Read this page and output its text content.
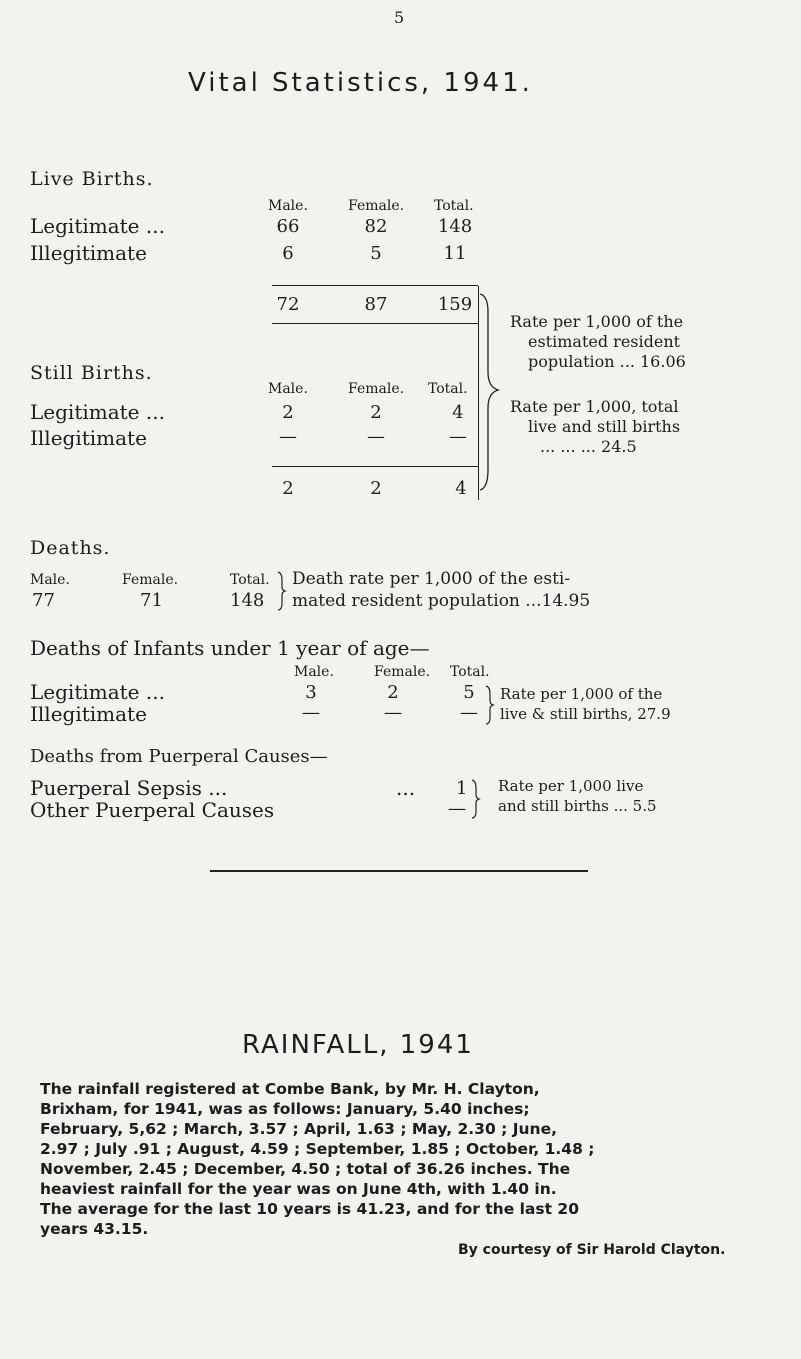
5
Vital Statistics, 1941.
Live Births.
Male.	Female. Total.
Legitimate ...	66	82	148
Illegitimate	6	5	11
72	87	159
Rate per 1,000 of the
estimated resident
population ... 16.06
Rate per 1,000, total
live and still births
... ... ... 24.5
Still Births.
Male.	Female. Total.
Legitimate ...	2	2	4
Illegitimate	—	—	—
2	2	4
Deaths.
Male.	Female.	Total.
77	71	148
Death rate per 1,000 of the esti-
mated resident population ...14.95
Deaths of Infants under 1 year of age—
Male.	Female. Total.
Legitimate ...	3	2	5
Illegitimate	—	—	—
Rate per 1,000 of the
live & still births, 27.9
Deaths from Puerperal Causes—
Puerperal Sepsis ...	... 1
Other Puerperal Causes	—
Rate per 1,000 live
and still births ... 5.5
RAINFALL, 1941
The rainfall registered at Combe Bank, by Mr. H. Clayton,
Brixham, for 1941, was as follows: January, 5.40 inches;
February, 5,62 ; March, 3.57 ; April, 1.63 ; May, 2.30 ; June,
2.97 ; July .91 ; August, 4.59 ; September, 1.85 ; October, 1.48 ;
November, 2.45 ; December, 4.50 ; total of 36.26 inches. The
heaviest rainfall for the year was on June 4th, with 1.40 in.
The average for the last 10 years is 41.23, and for the last 20
years 43.15.
By courtesy of Sir Harold Clayton.
